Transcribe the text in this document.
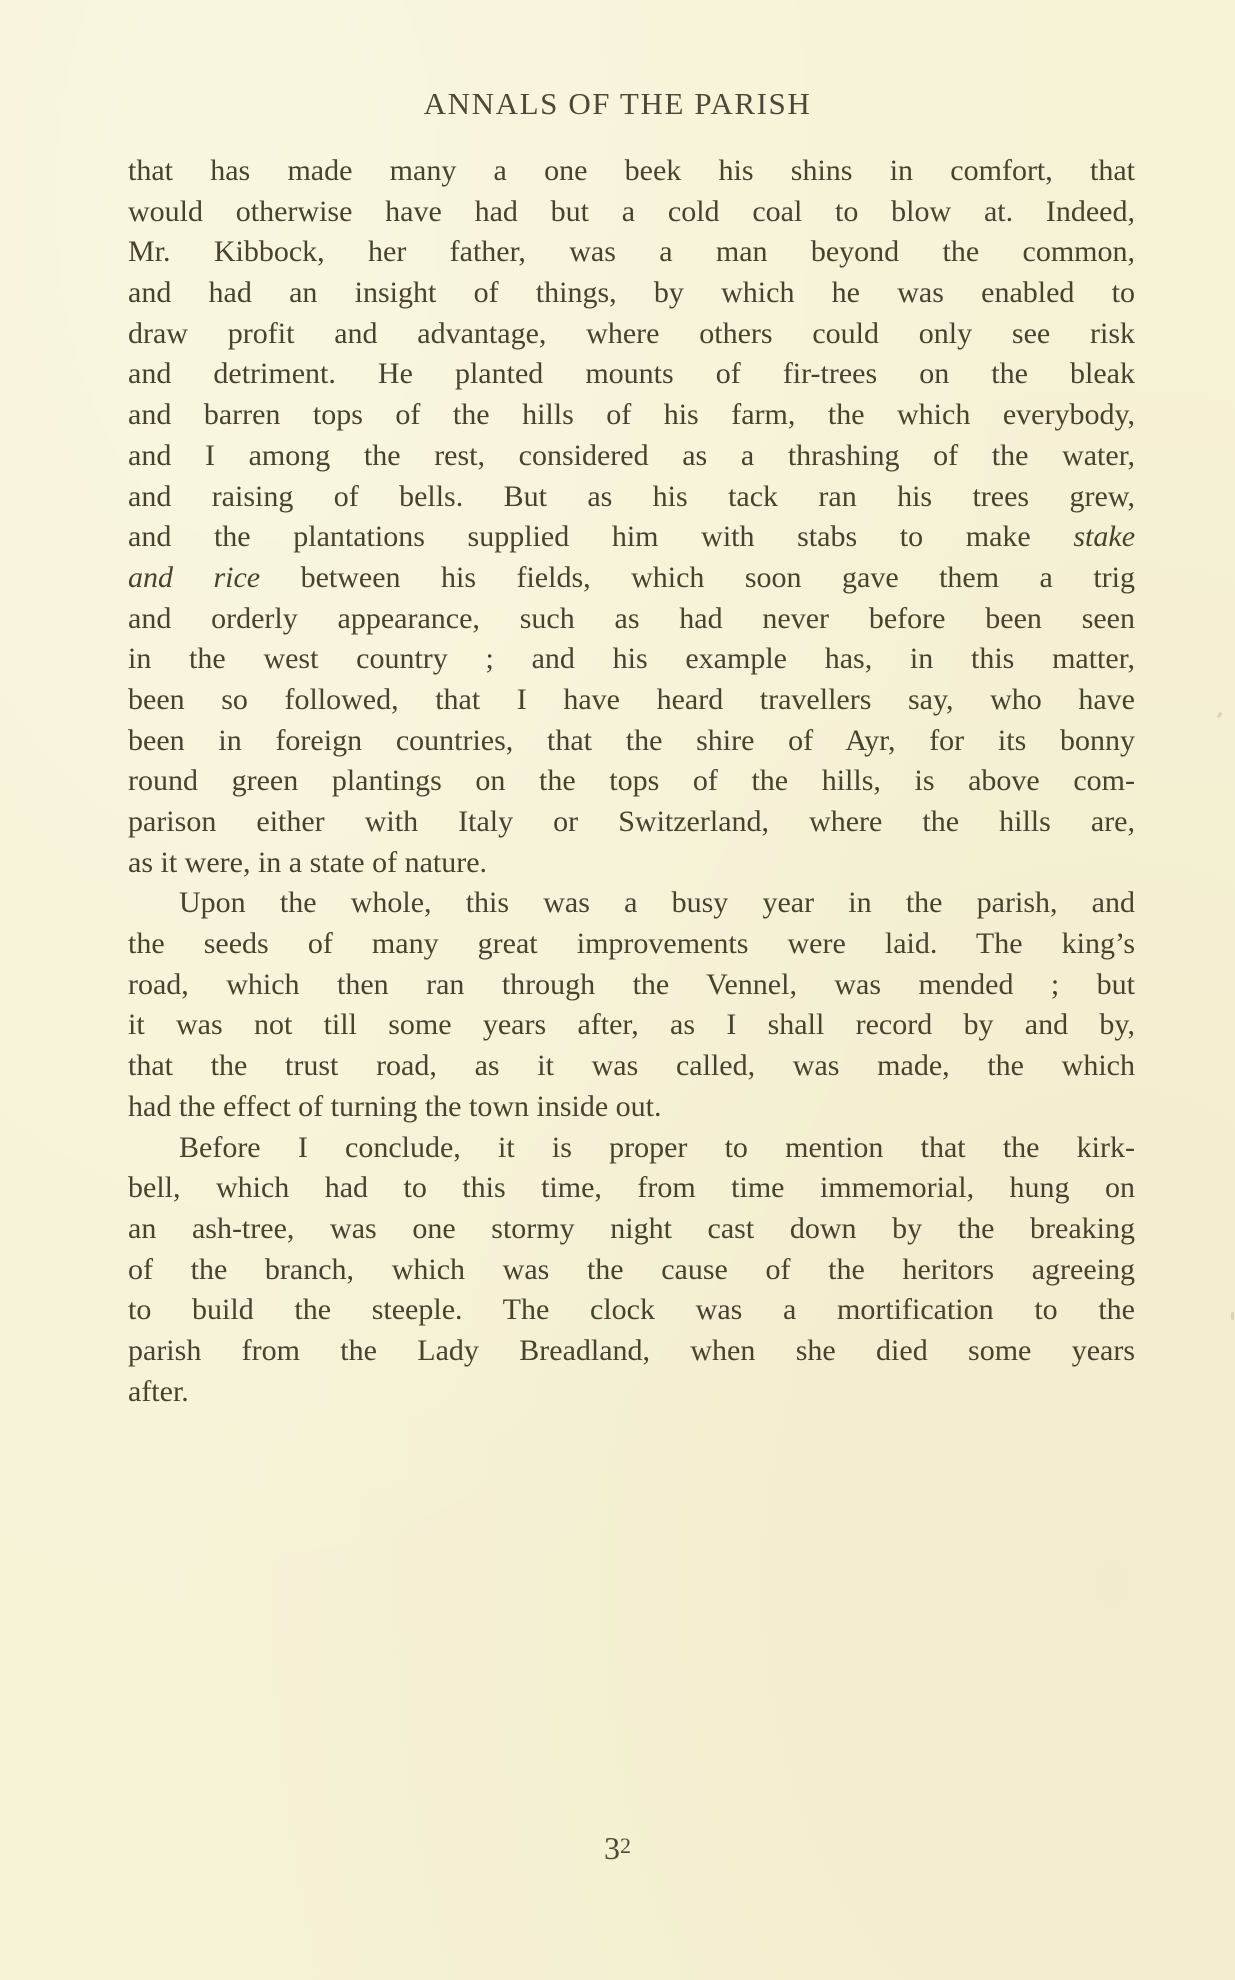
ANNALS OF THE PARISH
that has made many a one beek his shins in comfort, that
would otherwise have had but a cold coal to blow at. Indeed,
Mr. Kibbock, her father, was a man beyond the common,
and had an insight of things, by which he was enabled to
draw profit and advantage, where others could only see risk
and detriment. He planted mounts of fir-trees on the bleak
and barren tops of the hills of his farm, the which everybody,
and I among the rest, considered as a thrashing of the water,
and raising of bells. But as his tack ran his trees grew,
and the plantations supplied him with stabs to make stake
and rice between his fields, which soon gave them a trig
and orderly appearance, such as had never before been seen
in the west country ; and his example has, in this matter,
been so followed, that I have heard travellers say, who have
been in foreign countries, that the shire of Ayr, for its bonny
round green plantings on the tops of the hills, is above com-
parison either with Italy or Switzerland, where the hills are,
as it were, in a state of nature.
Upon the whole, this was a busy year in the parish, and
the seeds of many great improvements were laid. The king’s
road, which then ran through the Vennel, was mended ; but
it was not till some years after, as I shall record by and by,
that the trust road, as it was called, was made, the which
had the effect of turning the town inside out.
Before I conclude, it is proper to mention that the kirk-
bell, which had to this time, from time immemorial, hung on
an ash-tree, was one stormy night cast down by the breaking
of the branch, which was the cause of the heritors agreeing
to build the steeple. The clock was a mortification to the
parish from the Lady Breadland, when she died some years
after.
$3^2$
